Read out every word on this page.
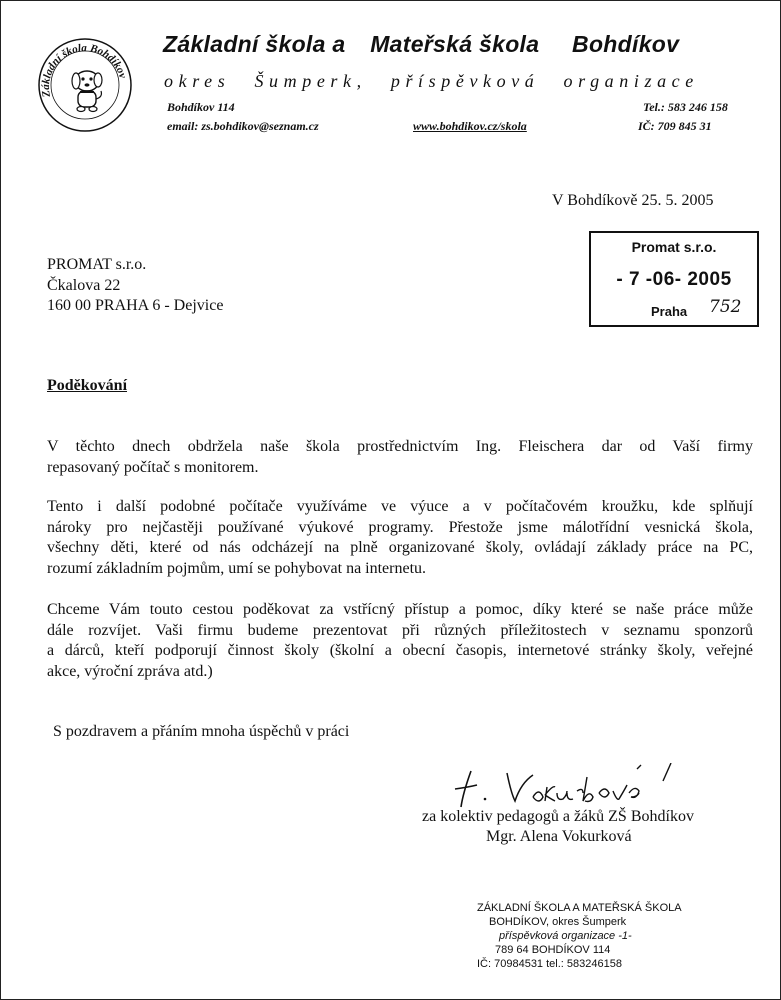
Základní škola Bohdíkov
Základní škola a Mateřská škola Bohdíkov
okres Šumperk, příspěvková organizace
Bohdíkov 114
email: zs.bohdikov@seznam.cz	www.bohdikov.cz/skola
Tel.: 583 246 158
IČ: 709 845 31
V Bohdíkově 25. 5. 2005
PROMAT s.r.o.
Čkalova 22
160 00 PRAHA 6 - Dejvice
Promat s.r.o.
- 7 -06- 2005
Praha 752
Poděkování
V těchto dnech obdržela naše škola prostřednictvím Ing. Fleischera dar od Vaší firmy
repasovaný počítač s monitorem.
Tento i další podobné počítače využíváme ve výuce a v počítačovém kroužku, kde splňují
nároky pro nejčastěji používané výukové programy. Přestože jsme málotřídní vesnická škola,
všechny děti, které od nás odcházejí na plně organizované školy, ovládají základy práce na PC,
rozumí základním pojmům, umí se pohybovat na internetu.
Chceme Vám touto cestou poděkovat za vstřícný přístup a pomoc, díky které se naše práce může
dále rozvíjet. Vaši firmu budeme prezentovat při různých příležitostech v seznamu sponzorů
a dárců, kteří podporují činnost školy (školní a obecní časopis, internetové stránky školy, veřejné
akce, výroční zpráva atd.)
S pozdravem a přáním mnoha úspěchů v práci
za kolektiv pedagogů a žáků ZŠ Bohdíkov
Mgr. Alena Vokurková
ZÁKLADNÍ ŠKOLA A MATEŘSKÁ ŠKOLA
BOHDÍKOV, okres Šumperk
příspěvková organizace -1-
789 64 BOHDÍKOV 114
IČ: 70984531 tel.: 583246158
